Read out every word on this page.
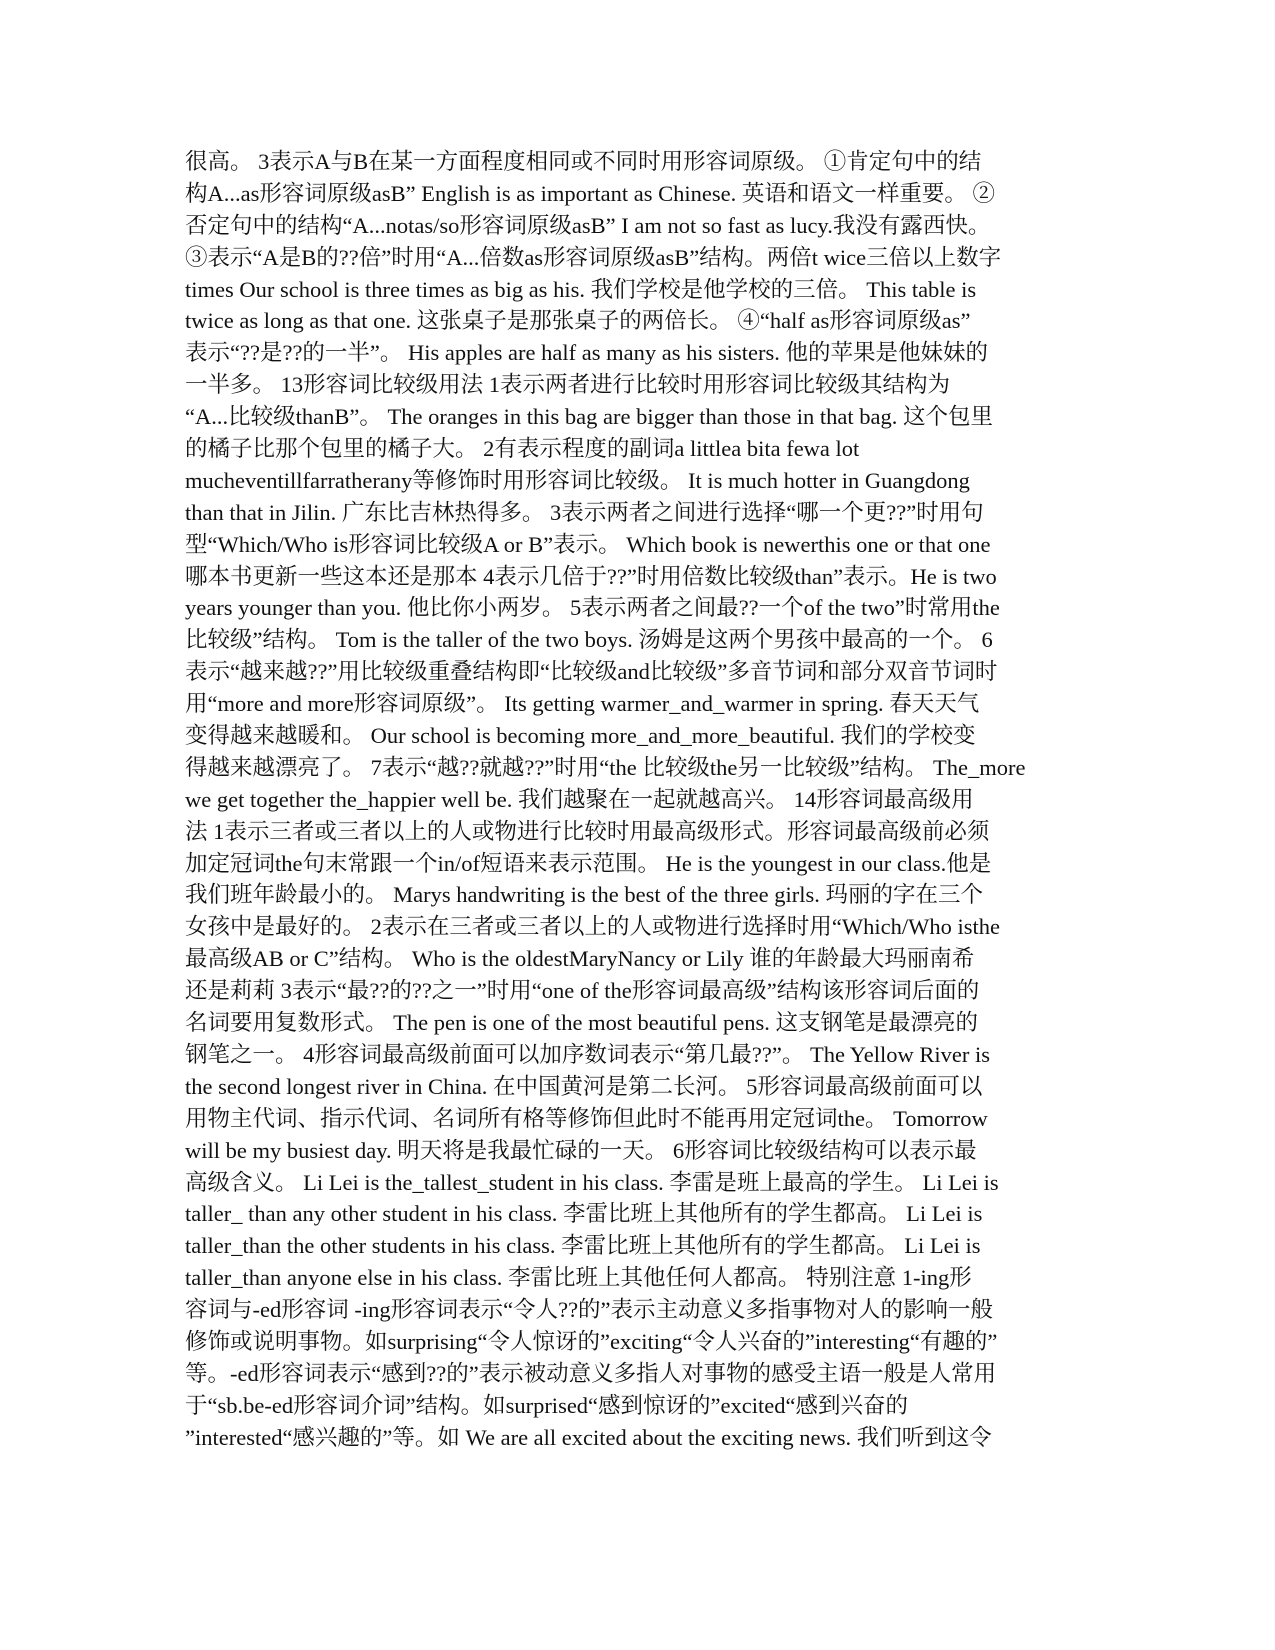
很高。 3表示A与B在某一方面程度相同或不同时用形容词原级。 ①肯定句中的结
构A...as形容词原级asB” English is as important as Chinese. 英语和语文一样重要。 ②
否定句中的结构“A...notas/so形容词原级asB” I am not so fast as lucy.我没有露西快。
③表示“A是B的??倍”时用“A...倍数as形容词原级asB”结构。两倍t wice三倍以上数字
times Our school is three times as big as his. 我们学校是他学校的三倍。 This table is
twice as long as that one. 这张桌子是那张桌子的两倍长。 ④“half as形容词原级as”
表示“??是??的一半”。 His apples are half as many as his sisters. 他的苹果是他妹妹的
一半多。 13形容词比较级用法 1表示两者进行比较时用形容词比较级其结构为
“A...比较级thanB”。 The oranges in this bag are bigger than those in that bag. 这个包里
的橘子比那个包里的橘子大。 2有表示程度的副词a littlea bita fewa lot
mucheventillfarratherany等修饰时用形容词比较级。 It is much hotter in Guangdong
than that in Jilin. 广东比吉林热得多。 3表示两者之间进行选择“哪一个更??”时用句
型“Which/Who is形容词比较级A or B”表示。 Which book is newerthis one or that one
哪本书更新一些这本还是那本 4表示几倍于??”时用倍数比较级than”表示。He is two
years younger than you. 他比你小两岁。 5表示两者之间最??一个of the two”时常用the
比较级”结构。 Tom is the taller of the two boys. 汤姆是这两个男孩中最高的一个。 6
表示“越来越??”用比较级重叠结构即“比较级and比较级”多音节词和部分双音节词时
用“more and more形容词原级”。 Its getting warmer_and_warmer in spring. 春天天气
变得越来越暖和。 Our school is becoming more_and_more_beautiful. 我们的学校变
得越来越漂亮了。 7表示“越??就越??”时用“the 比较级the另一比较级”结构。 The_more
we get together the_happier well be. 我们越聚在一起就越高兴。 14形容词最高级用
法 1表示三者或三者以上的人或物进行比较时用最高级形式。形容词最高级前必须
加定冠词the句末常跟一个in/of短语来表示范围。 He is the youngest in our class.他是
我们班年龄最小的。 Marys handwriting is the best of the three girls. 玛丽的字在三个
女孩中是最好的。 2表示在三者或三者以上的人或物进行选择时用“Which/Who isthe
最高级AB or C”结构。 Who is the oldestMaryNancy or Lily 谁的年龄最大玛丽南希
还是莉莉 3表示“最??的??之一”时用“one of the形容词最高级”结构该形容词后面的
名词要用复数形式。 The pen is one of the most beautiful pens. 这支钢笔是最漂亮的
钢笔之一。 4形容词最高级前面可以加序数词表示“第几最??”。 The Yellow River is
the second longest river in China. 在中国黄河是第二长河。 5形容词最高级前面可以
用物主代词、指示代词、名词所有格等修饰但此时不能再用定冠词the。 Tomorrow
will be my busiest day. 明天将是我最忙碌的一天。 6形容词比较级结构可以表示最
高级含义。 Li Lei is the_tallest_student in his class. 李雷是班上最高的学生。 Li Lei is
taller_ than any other student in his class. 李雷比班上其他所有的学生都高。 Li Lei is
taller_than the other students in his class. 李雷比班上其他所有的学生都高。 Li Lei is
taller_than anyone else in his class. 李雷比班上其他任何人都高。 特别注意 1-ing形
容词与-ed形容词 -ing形容词表示“令人??的”表示主动意义多指事物对人的影响一般
修饰或说明事物。如surprising“令人惊讶的”exciting“令人兴奋的”interesting“有趣的”
等。-ed形容词表示“感到??的”表示被动意义多指人对事物的感受主语一般是人常用
于“sb.be-ed形容词介词”结构。如surprised“感到惊讶的”excited“感到兴奋的
”interested“感兴趣的”等。如 We are all excited about the exciting news. 我们听到这令
